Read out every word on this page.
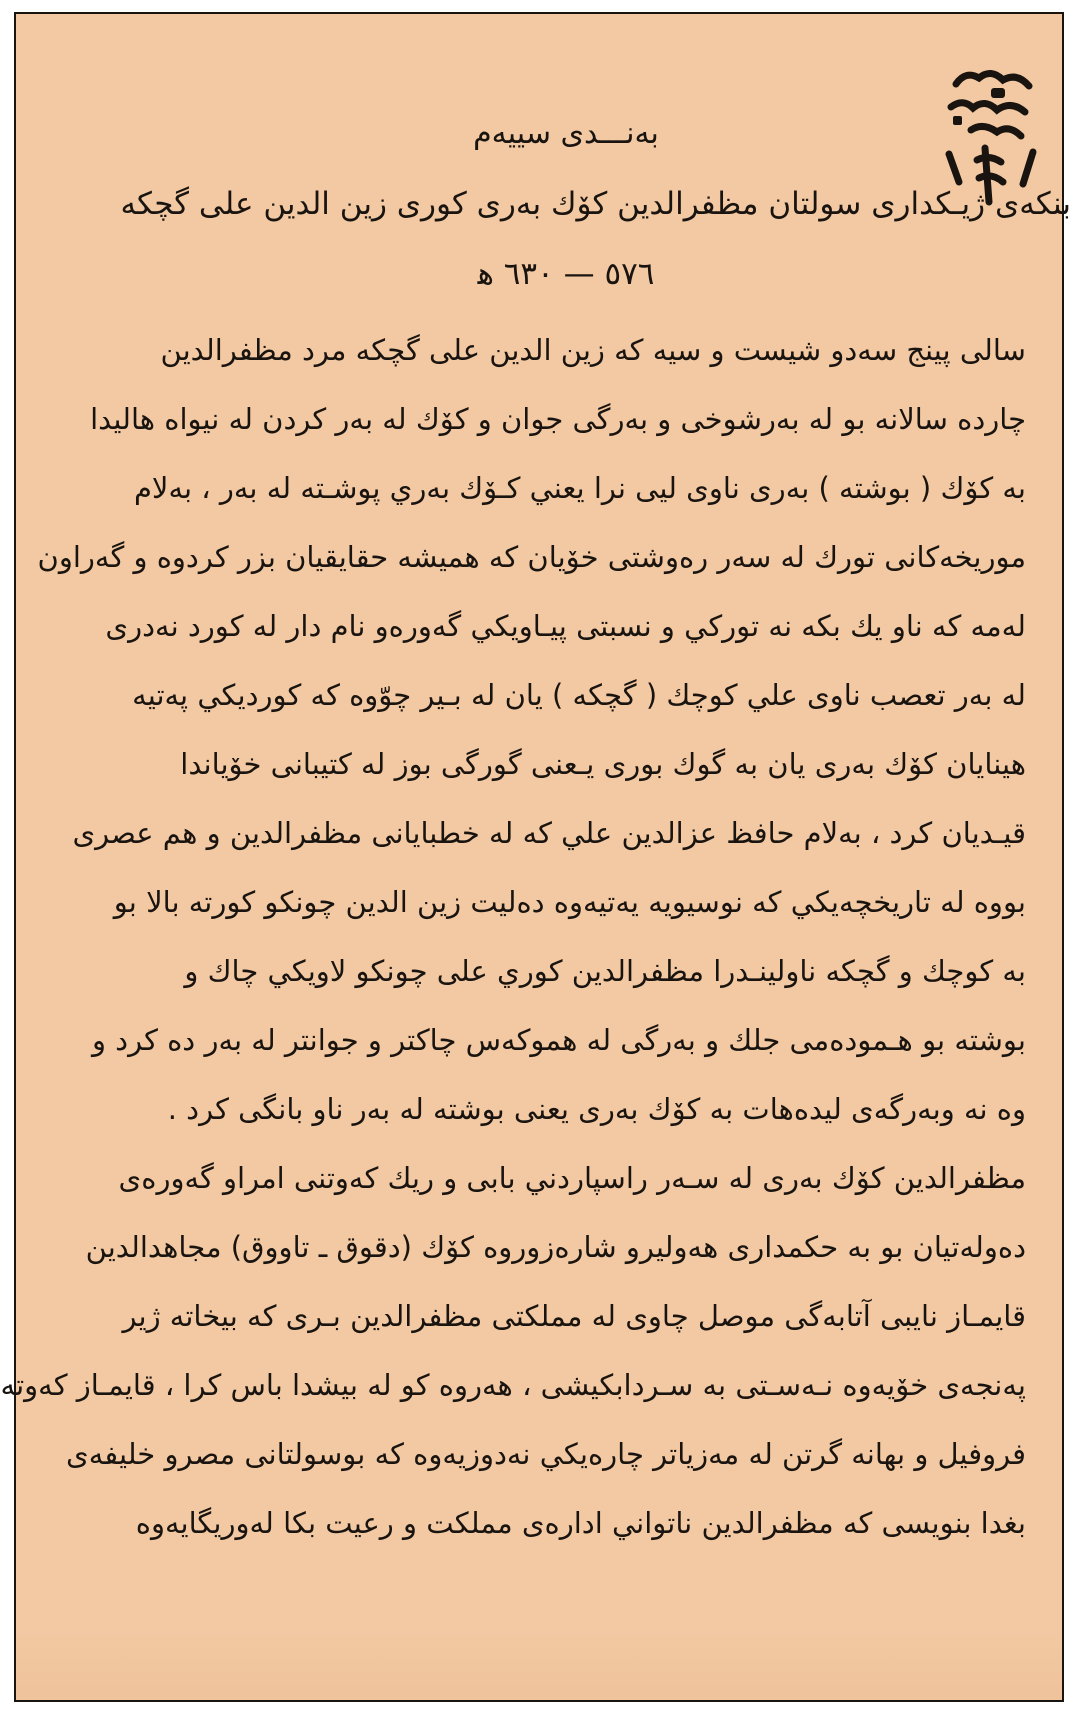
بەنـــدى سييەم
بنكەى ژيـكدارى سولتان مظفرالدين كۆك بەرى كورى زين الدين على گچكە
٥٧٦ — ٦٣٠ ﻫ

سالى پينج سەدو شيست و سيە كە زين الدين على گچكە مرد مظفرالدين
چاردە سالانە بو لە بەرشوخى و بەرگى جوان و كۆك لە بەر كردن لە نيواە هاليدا
بە كۆك ( بوشتە ) بەرى ناوى ليى نرا يعني كـۆك بەري پوشـتە لە بەر ، بەلام
موريخەكانى تورك لە سەر رەوشتى خۆيان كە هميشە حقايقيان بزر كردوە و گەراون
لەمە كە ناو يك بكە نە توركي و نسبتى پيـاويكي گەورەو نام دار لە كورد نەدرى
لە بەر تعصب ناوى علي كوچك ( گچكە ) يان لە بـير چوّوە كە كورديكي پەتيە
هينايان كۆك بەرى يان بە گوك بورى يـعنى گورگى بوز لە كتيبانى خۆياندا
قيـديان كرد ، بەلام حافظ عزالدين علي كە لە خطبايانى مظفرالدين و هم عصرى
بووە لە تاريخچەيكي كە نوسيويە يەتيەوە دەليت زين الدين چونكو كورتە بالا بو
بە كوچك و گچكە ناولينـدرا مظفرالدين كوري على چونكو لاويكي چاك و
بوشتە بو هـمودەمى جلك و بەرگى لە هموكەس چاكتر و جوانتر لە بەر دە كرد و
وە نە وبەرگەى ليدەهات بە كۆك بەرى يعنى بوشتە لە بەر ناو بانگى كرد .

مظفرالدين كۆك بەرى لە سـەر راسپاردني بابى و ريك كەوتنى امراو گەورەى
دەولەتيان بو بە حكمدارى هەوليرو شارەزوروە كۆك (دقوق ـ تاووق) مجاهدالدين
قايمـاز نايبى آتابەگى موصل چاوى لە مملكتى مظفرالدين بـرى كە بيخاتە ژير
پەنجەى خۆيەوە نـەسـتى بە سـردابكيشى ، هەروە كو لە بيشدا باس كرا ، قايمـاز كەوتە
فروفيل و بهانە گرتن لە مەزياتر چارەيكي نەدوزيەوە كە بوسولتانى مصرو خليفەى
بغدا بنويسى كە مظفرالدين ناتواني ادارەى مملكت و رعيت بكا لەوريگايەوە
